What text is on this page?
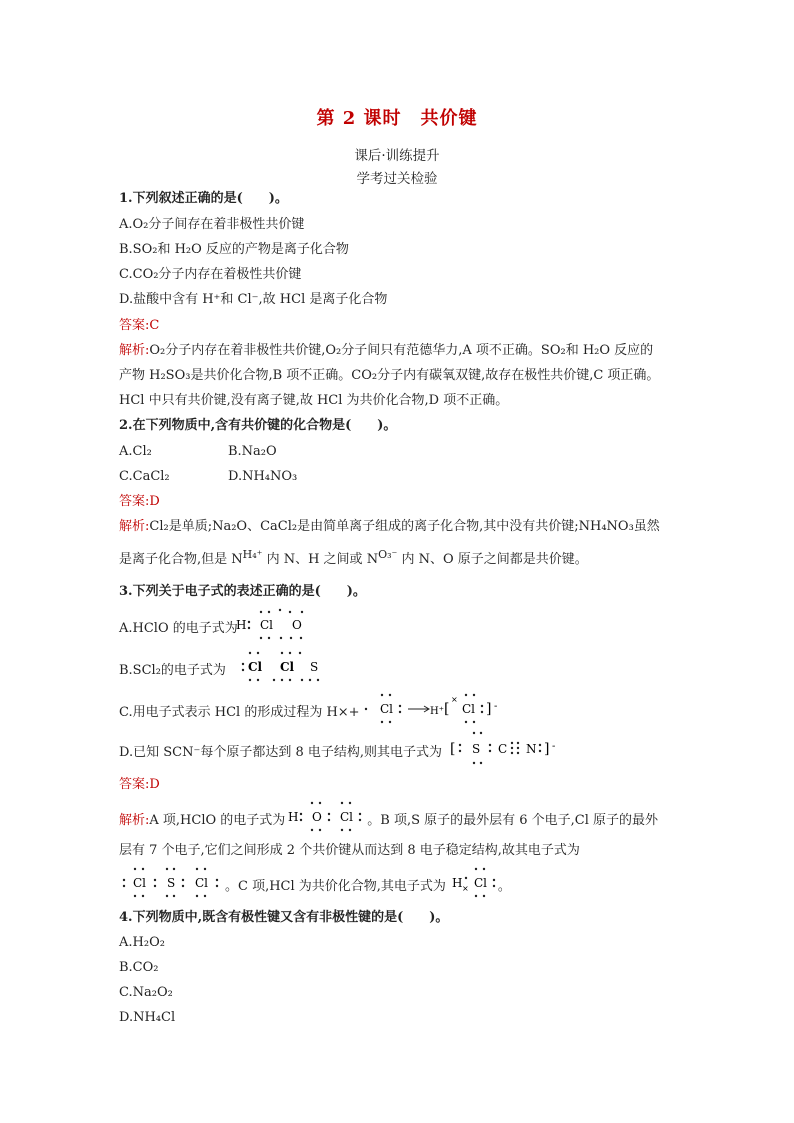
第 2 课时　共价键
课后·训练提升
学考过关检验
1.下列叙述正确的是(　　)。
A.O₂分子间存在着非极性共价键
B.SO₂和 H₂O 反应的产物是离子化合物
C.CO₂分子内存在着极性共价键
D.盐酸中含有 H⁺和 Cl⁻,故 HCl 是离子化合物
答案:C
解析:O₂分子内存在着非极性共价键,O₂分子间只有范德华力,A 项不正确。SO₂和 H₂O 反应的
产物 H₂SO₃是共价化合物,B 项不正确。CO₂分子内有碳氧双键,故存在极性共价键,C 项正确。
HCl 中只有共价键,没有离子键,故 HCl 为共价化合物,D 项不正确。
2.在下列物质中,含有共价键的化合物是(　　)。
A.Cl₂	B.Na₂O
C.CaCl₂	D.NH₄NO₃
答案:D
解析:Cl₂是单质;Na₂O、CaCl₂是由简单离子组成的离子化合物,其中没有共价键;NH₄NO₃虽然
是离子化合物,但是 $N^{H_4^+}$ 内 N、H 之间或 $N^{O_3^-}$ 内 N、O 原子之间都是共价键。
3.下列关于电子式的表述正确的是(　　)。
A.HClO 的电子式为
H Cl O
B.SCl₂的电子式为 Cl Cl S
C.用电子式表示 HCl 的形成过程为 H×+ Cl	H⁺ [
×
Cl ] -
D.已知 SCN⁻每个原子都达到 8 电子结构,则其电子式为 [ S C N ] -
答案:D
解析:A 项,HClO 的电子式为	。B 项,S 原子的最外层有 6 个电子,Cl 原子的最外
H O Cl
层有 7 个电子,它们之间形成 2 个共价键从而达到 8 电子稳定结构,故其电子式为
。C 项,HCl 为共价化合物,其电子式为	。
Cl S Cl	H × Cl
4.下列物质中,既含有极性键又含有非极性键的是(　　)。
A.H₂O₂
B.CO₂
C.Na₂O₂
D.NH₄Cl
